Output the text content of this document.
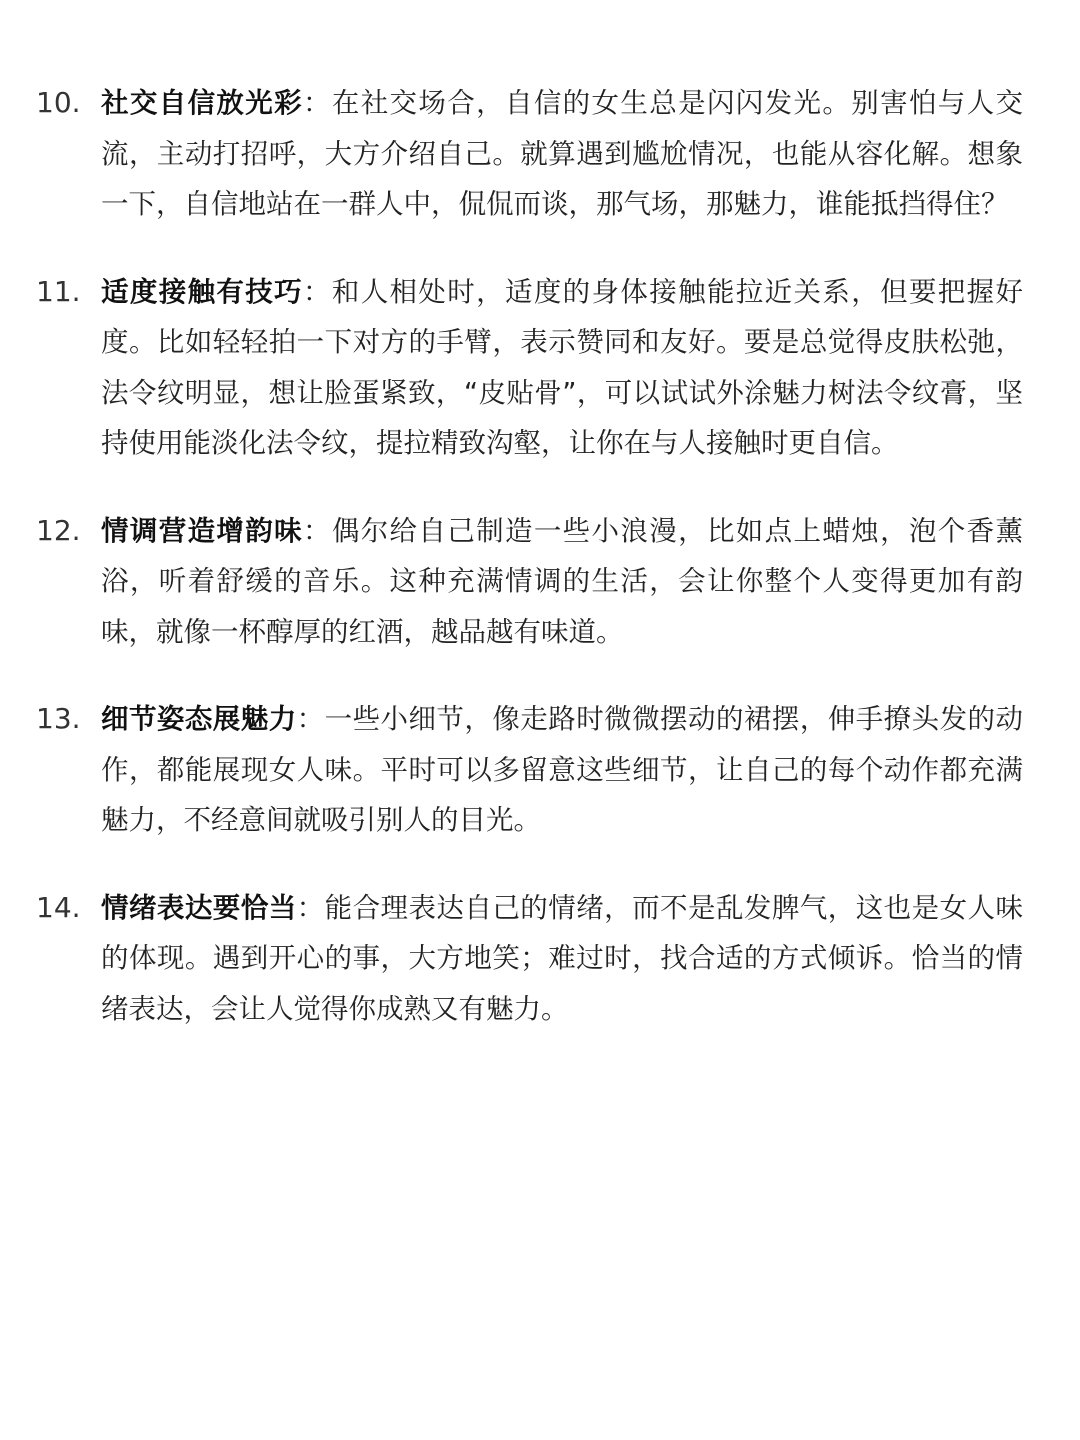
10. 社交自信放光彩：在社交场合，自信的女生总是闪闪发光。别害怕与人交流，主动打招呼，大方介绍自己。就算遇到尴尬情况，也能从容化解。想象一下，自信地站在一群人中，侃侃而谈，那气场，那魅力，谁能抵挡得住？
11. 适度接触有技巧：和人相处时，适度的身体接触能拉近关系，但要把握好度。比如轻轻拍一下对方的手臂，表示赞同和友好。要是总觉得皮肤松弛，法令纹明显，想让脸蛋紧致，“皮贴骨”，可以试试外涂魅力树法令纹膏，坚持使用能淡化法令纹，提拉精致沟壑，让你在与人接触时更自信。
12. 情调营造增韵味：偶尔给自己制造一些小浪漫，比如点上蜡烛，泡个香薰浴，听着舒缓的音乐。这种充满情调的生活，会让你整个人变得更加有韵味，就像一杯醇厚的红酒，越品越有味道。
13. 细节姿态展魅力：一些小细节，像走路时微微摆动的裙摆，伸手撩头发的动作，都能展现女人味。平时可以多留意这些细节，让自己的每个动作都充满魅力，不经意间就吸引别人的目光。
14. 情绪表达要恰当：能合理表达自己的情绪，而不是乱发脾气，这也是女人味的体现。遇到开心的事，大方地笑；难过时，找合适的方式倾诉。恰当的情绪表达，会让人觉得你成熟又有魅力。
